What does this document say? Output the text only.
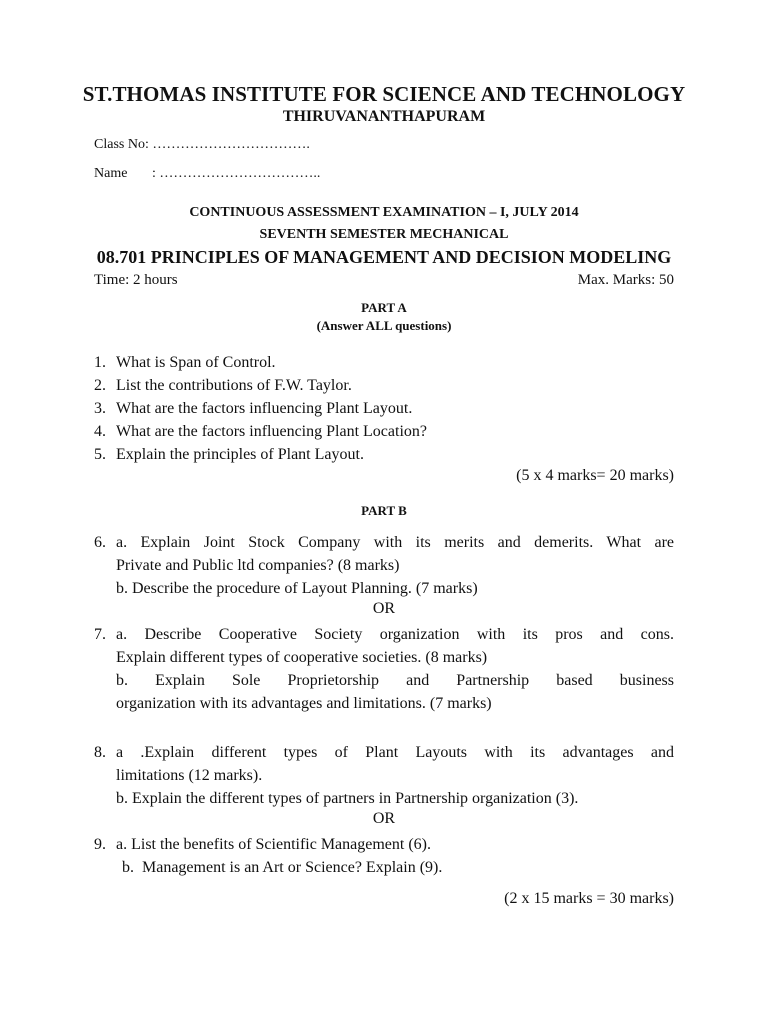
ST.THOMAS INSTITUTE FOR SCIENCE AND TECHNOLOGY
THIRUVANANTHAPURAM
Class No: …………………………….
Name : ……………………………..
CONTINUOUS ASSESSMENT EXAMINATION – I, JULY 2014
SEVENTH SEMESTER MECHANICAL
08.701 PRINCIPLES OF MANAGEMENT AND DECISION MODELING
Time: 2 hours	Max. Marks: 50
PART A
(Answer ALL questions)
1. What is Span of Control.
2. List the contributions of F.W. Taylor.
3. What are the factors influencing Plant Layout.
4. What are the factors influencing Plant Location?
5. Explain the principles of Plant Layout.
(5 x 4 marks= 20 marks)
PART B
6. a. Explain Joint Stock Company with its merits and demerits. What are
Private and Public ltd companies? (8 marks)
b. Describe the procedure of Layout Planning. (7 marks)
OR
7. a. Describe Cooperative Society organization with its pros and cons.
Explain different types of cooperative societies. (8 marks)
b. Explain Sole Proprietorship and Partnership based business
organization with its advantages and limitations. (7 marks)
8. a .Explain different types of Plant Layouts with its advantages and
limitations (12 marks).
b. Explain the different types of partners in Partnership organization (3).
OR
9. a. List the benefits of Scientific Management (6).
b. Management is an Art or Science? Explain (9).
(2 x 15 marks = 30 marks)
